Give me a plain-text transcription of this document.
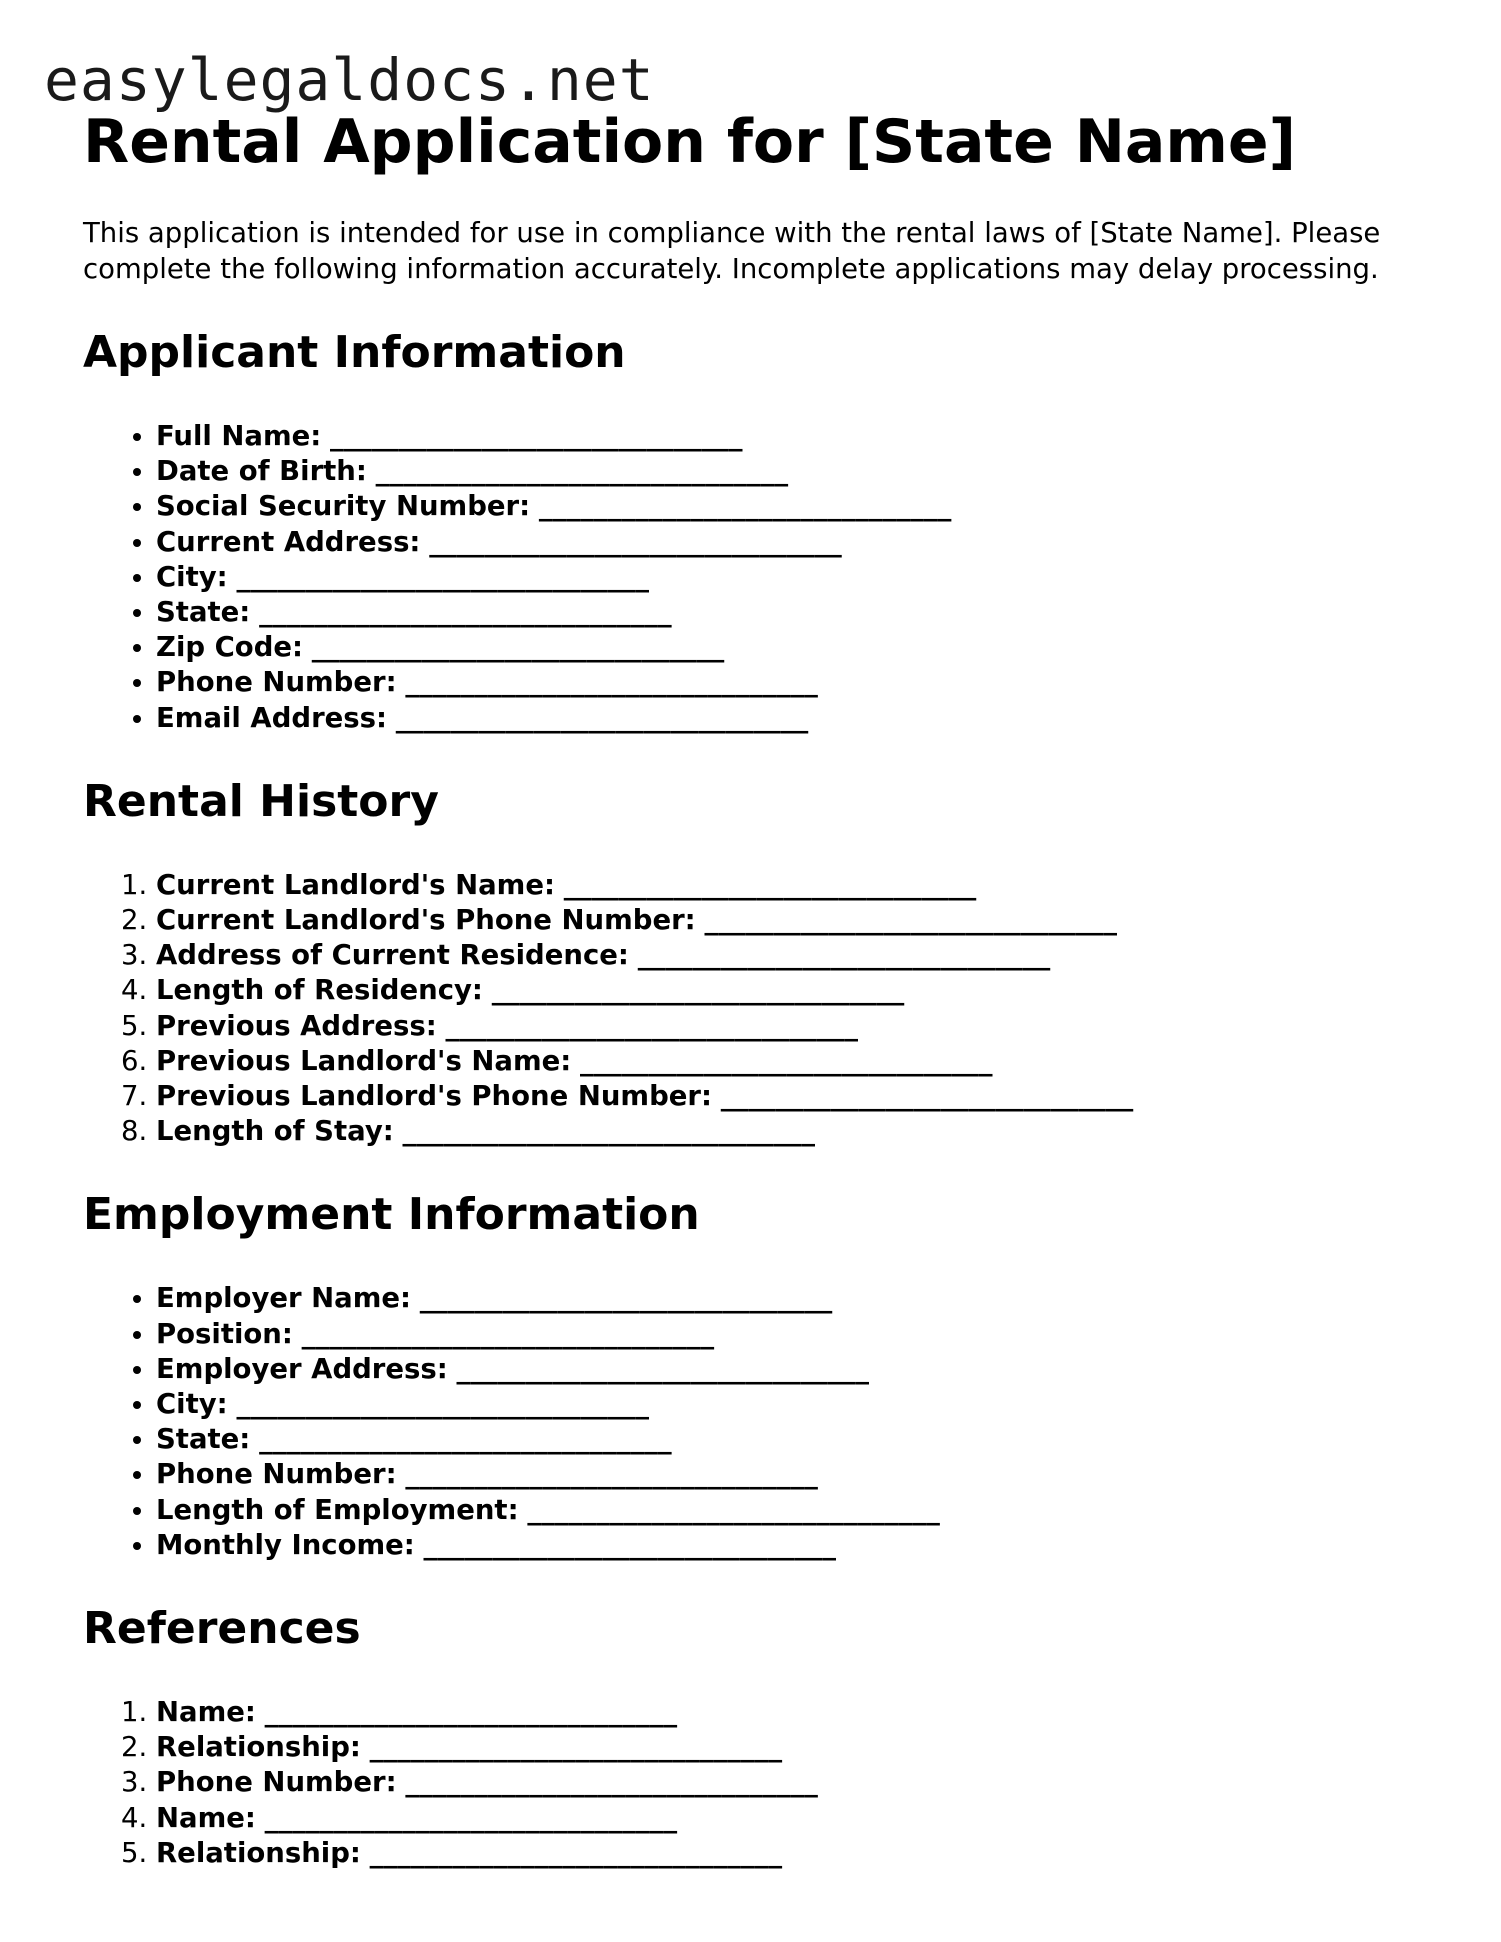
easylegaldocs.net
Rental Application for [State Name]

This application is intended for use in compliance with the rental laws of [State Name]. Please complete the following information accurately. Incomplete applications may delay processing.

Applicant Information
• Full Name: ______________________________
• Date of Birth: ______________________________
• Social Security Number: ______________________________
• Current Address: ______________________________
• City: ______________________________
• State: ______________________________
• Zip Code: ______________________________
• Phone Number: ______________________________
• Email Address: ______________________________
Rental History
1. Current Landlord's Name: ______________________________
2. Current Landlord's Phone Number: ______________________________
3. Address of Current Residence: ______________________________
4. Length of Residency: ______________________________
5. Previous Address: ______________________________
6. Previous Landlord's Name: ______________________________
7. Previous Landlord's Phone Number: ______________________________
8. Length of Stay: ______________________________
Employment Information
• Employer Name: ______________________________
• Position: ______________________________
• Employer Address: ______________________________
• City: ______________________________
• State: ______________________________
• Phone Number: ______________________________
• Length of Employment: ______________________________
• Monthly Income: ______________________________
References
1. Name: ______________________________
2. Relationship: ______________________________
3. Phone Number: ______________________________
4. Name: ______________________________
5. Relationship: ______________________________
